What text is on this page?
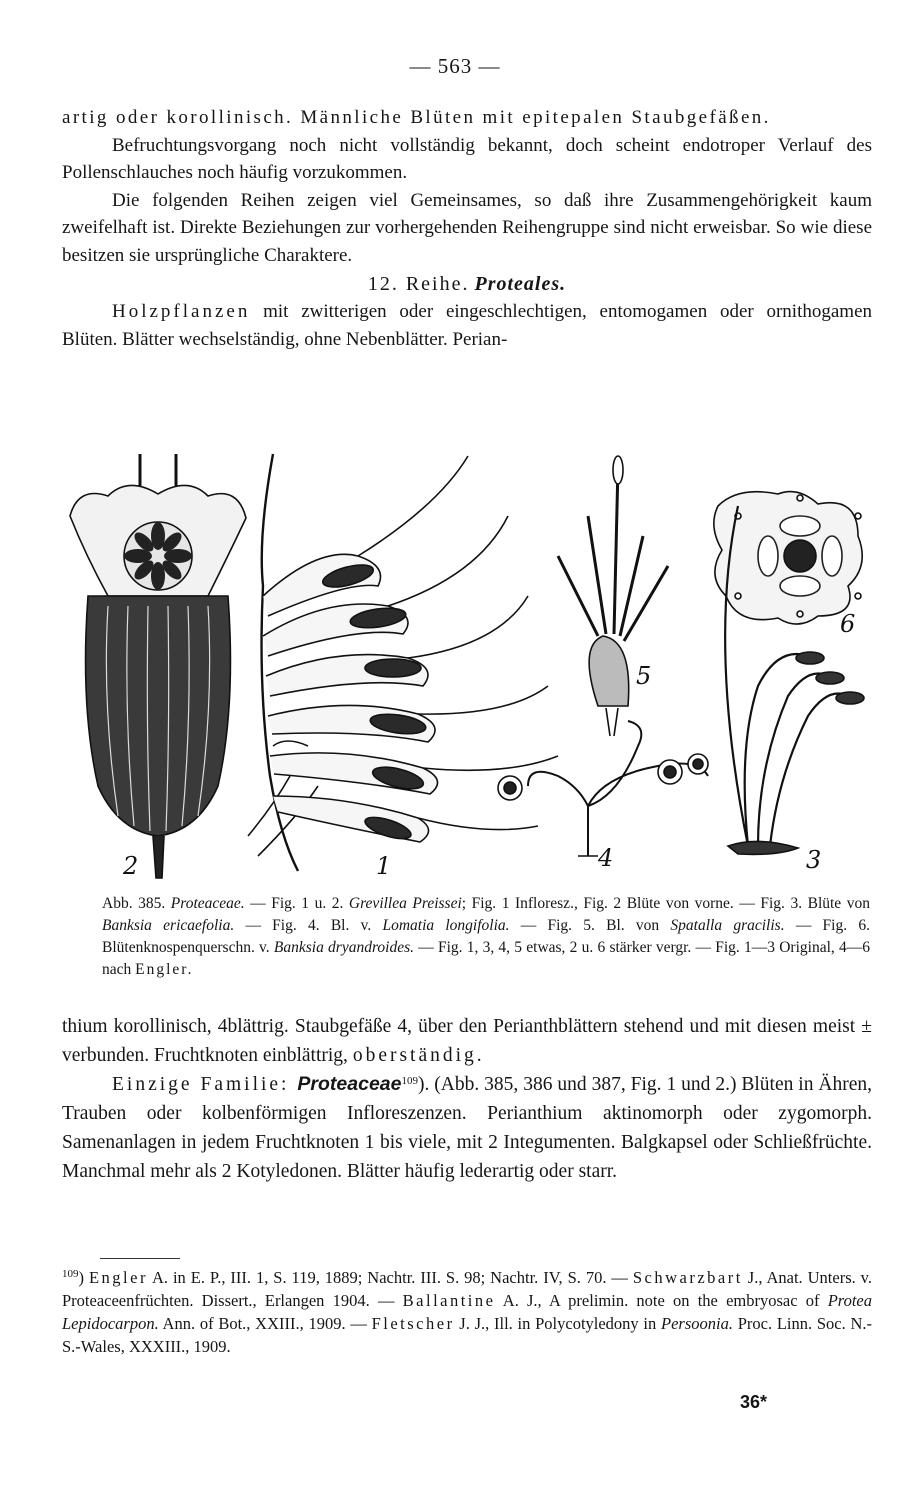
— 563 —

artig oder korollinisch. Männliche Blüten mit epitepalen Staubgefäßen.

Befruchtungsvorgang noch nicht vollständig bekannt, doch scheint endotroper Verlauf des Pollenschlauches noch häufig vorzukommen.

Die folgenden Reihen zeigen viel Gemeinsames, so daß ihre Zusammengehörigkeit kaum zweifelhaft ist. Direkte Beziehungen zur vorhergehenden Reihengruppe sind nicht erweisbar. So wie diese besitzen sie ursprüngliche Charaktere.

12. Reihe. Proteales.

Holzpflanzen mit zwitterigen oder eingeschlechtigen, entomogamen oder ornithogamen Blüten. Blätter wechselständig, ohne Nebenblätter. Perian-

2	1
5
4
6
3
Abb. 385. Proteaceae. — Fig. 1 u. 2. Grevillea Preissei; Fig. 1 Infloresz., Fig. 2 Blüte von vorne. — Fig. 3. Blüte von Banksia ericaefolia. — Fig. 4. Bl. v. Lomatia longifolia. — Fig. 5. Bl. von Spatalla gracilis. — Fig. 6. Blütenknospenquerschn. v. Banksia dryandroides. — Fig. 1, 3, 4, 5 etwas, 2 u. 6 stärker vergr. — Fig. 1—3 Original, 4—6 nach Engler.

thium korollinisch, 4blättrig. Staubgefäße 4, über den Perianthblättern stehend und mit diesen meist ± verbunden. Fruchtknoten einblättrig, oberständig.

Einzige Familie: Proteaceae$^{109}$). (Abb. 385, 386 und 387, Fig. 1 und 2.) Blüten in Ähren, Trauben oder kolbenförmigen Infloreszenzen. Perianthium aktinomorph oder zygomorph. Samenanlagen in jedem Fruchtknoten 1 bis viele, mit 2 Integumenten. Balgkapsel oder Schließfrüchte. Manchmal mehr als 2 Kotyledonen. Blätter häufig lederartig oder starr.

$^{109}$) Engler A. in E. P., III. 1, S. 119, 1889; Nachtr. III. S. 98; Nachtr. IV, S. 70. — Schwarzbart J., Anat. Unters. v. Proteaceenfrüchten. Dissert., Erlangen 1904. — Ballantine A. J., A prelimin. note on the embryosac of Protea Lepidocarpon. Ann. of Bot., XXIII., 1909. — Fletscher J. J., Ill. in Polycotyledony in Persoonia. Proc. Linn. Soc. N.-S.-Wales, XXXIII., 1909.
36*
